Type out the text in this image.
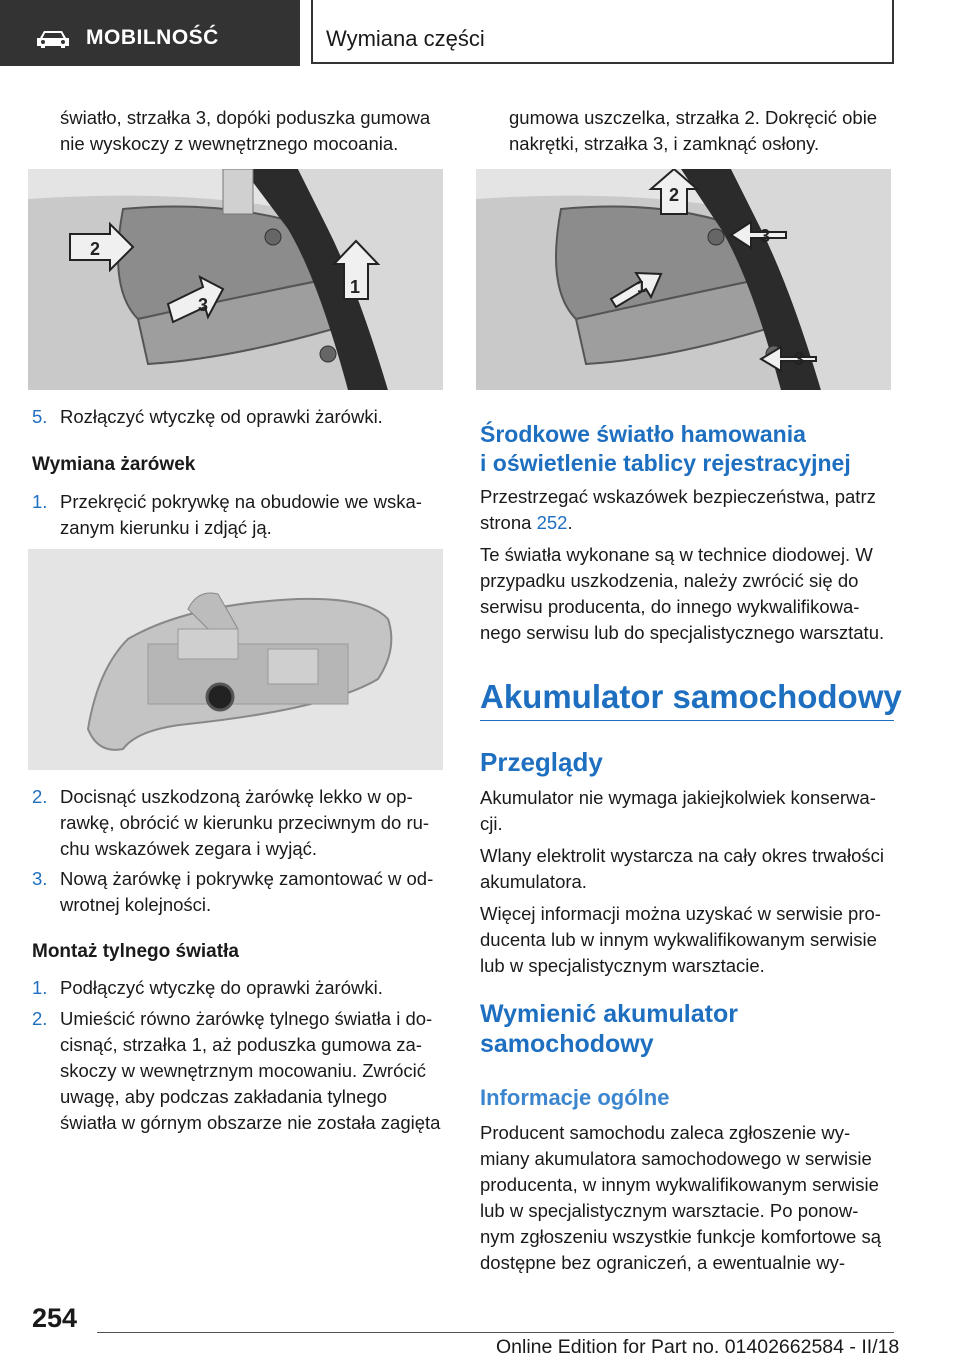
MOBILNOŚĆ	Wymiana części
światło, strzałka 3, dopóki poduszka gumowa
nie wyskoczy z wewnętrznego mocoania.
2
1
3
5. Rozłączyć wtyczkę od oprawki żarówki.
Wymiana żarówek
1. Przekręcić pokrywkę na obudowie we wska-
zanym kierunku i zdjąć ją.
2. Docisnąć uszkodzoną żarówkę lekko w op-
rawkę, obrócić w kierunku przeciwnym do ru-
chu wskazówek zegara i wyjąć.
3. Nową żarówkę i pokrywkę zamontować w od-
wrotnej kolejności.
Montaż tylnego światła
1. Podłączyć wtyczkę do oprawki żarówki.
2. Umieścić równo żarówkę tylnego światła i do-
cisnąć, strzałka 1, aż poduszka gumowa za-
skoczy w wewnętrznym mocowaniu. Zwrócić
uwagę, aby podczas zakładania tylnego
światła w górnym obszarze nie została zagięta
gumowa uszczelka, strzałka 2. Dokręcić obie
nakrętki, strzałka 3, i zamknąć osłony.
2
3
1
3
Środkowe światło hamowania
i oświetlenie tablicy rejestracyjnej
Przestrzegać wskazówek bezpieczeństwa, patrz
strona 252.
Te światła wykonane są w technice diodowej. W
przypadku uszkodzenia, należy zwrócić się do
serwisu producenta, do innego wykwalifikowa-
nego serwisu lub do specjalistycznego warsztatu.
Akumulator samochodowy
Przeglądy
Akumulator nie wymaga jakiejkolwiek konserwa-
cji.
Wlany elektrolit wystarcza na cały okres trwałości
akumulatora.
Więcej informacji można uzyskać w serwisie pro-
ducenta lub w innym wykwalifikowanym serwisie
lub w specjalistycznym warsztacie.
Wymienić akumulator
samochodowy
Informacje ogólne
Producent samochodu zaleca zgłoszenie wy-
miany akumulatora samochodowego w serwisie
producenta, w innym wykwalifikowanym serwisie
lub w specjalistycznym warsztacie. Po ponow-
nym zgłoszeniu wszystkie funkcje komfortowe są
dostępne bez ograniczeń, a ewentualnie wy-
254
Online Edition for Part no. 01402662584 - II/18
